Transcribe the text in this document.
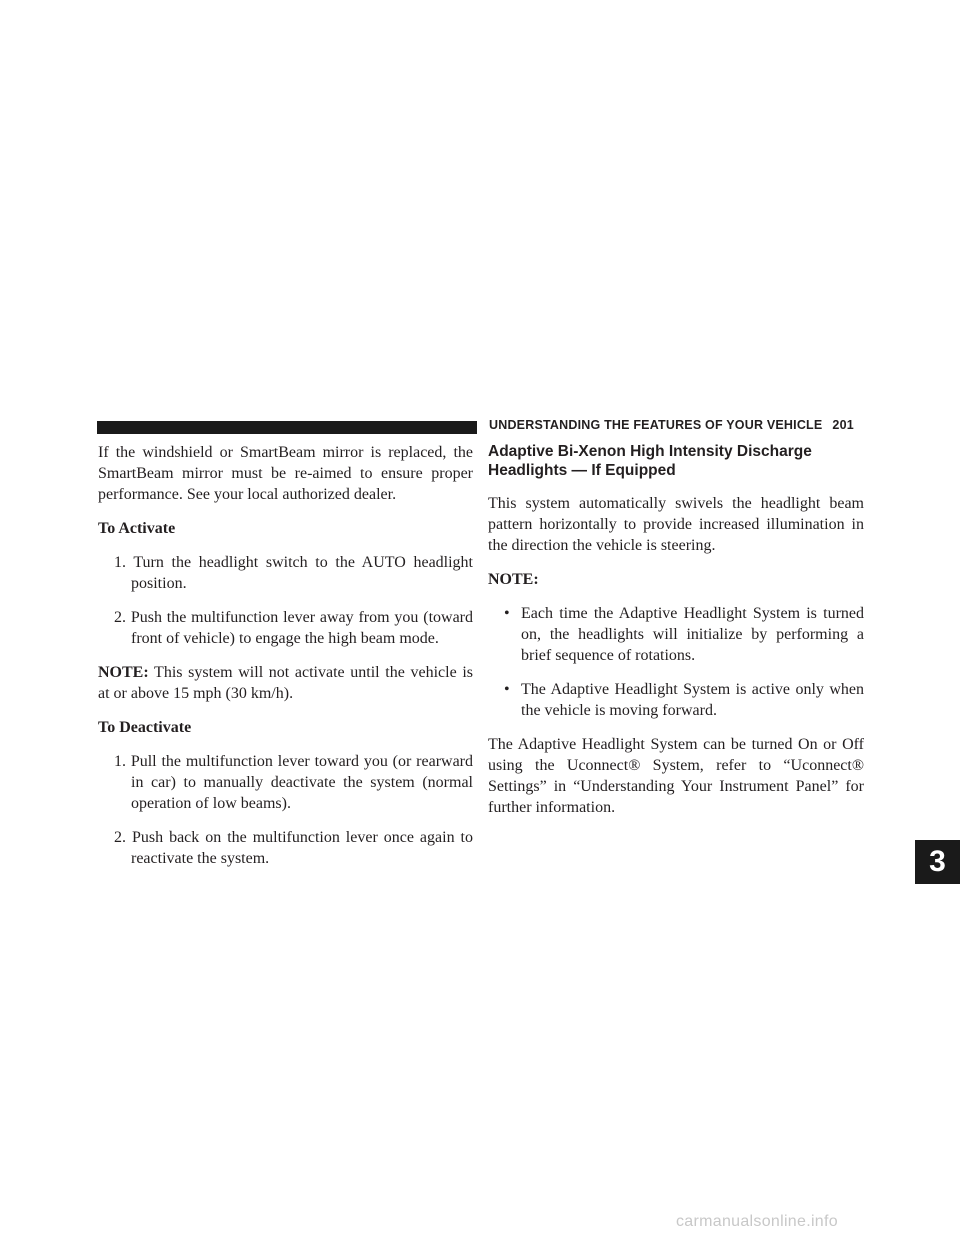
UNDERSTANDING THE FEATURES OF YOUR VEHICLE 201

If the windshield or SmartBeam mirror is replaced, the SmartBeam mirror must be re-aimed to ensure proper performance. See your local authorized dealer.

To Activate

1. Turn the headlight switch to the AUTO headlight position.

2. Push the multifunction lever away from you (toward front of vehicle) to engage the high beam mode.

NOTE: This system will not activate until the vehicle is at or above 15 mph (30 km/h).

To Deactivate

1. Pull the multifunction lever toward you (or rearward in car) to manually deactivate the system (normal operation of low beams).

2. Push back on the multifunction lever once again to reactivate the system.

Adaptive Bi-Xenon High Intensity Discharge
Headlights — If Equipped

This system automatically swivels the headlight beam pattern horizontally to provide increased illumination in the direction the vehicle is steering.

NOTE:

• Each time the Adaptive Headlight System is turned on, the headlights will initialize by performing a brief sequence of rotations.

• The Adaptive Headlight System is active only when the vehicle is moving forward.

The Adaptive Headlight System can be turned On or Off using the Uconnect® System, refer to “Uconnect® Settings” in “Understanding Your Instrument Panel” for further information.

3
carmanualsonline.info
